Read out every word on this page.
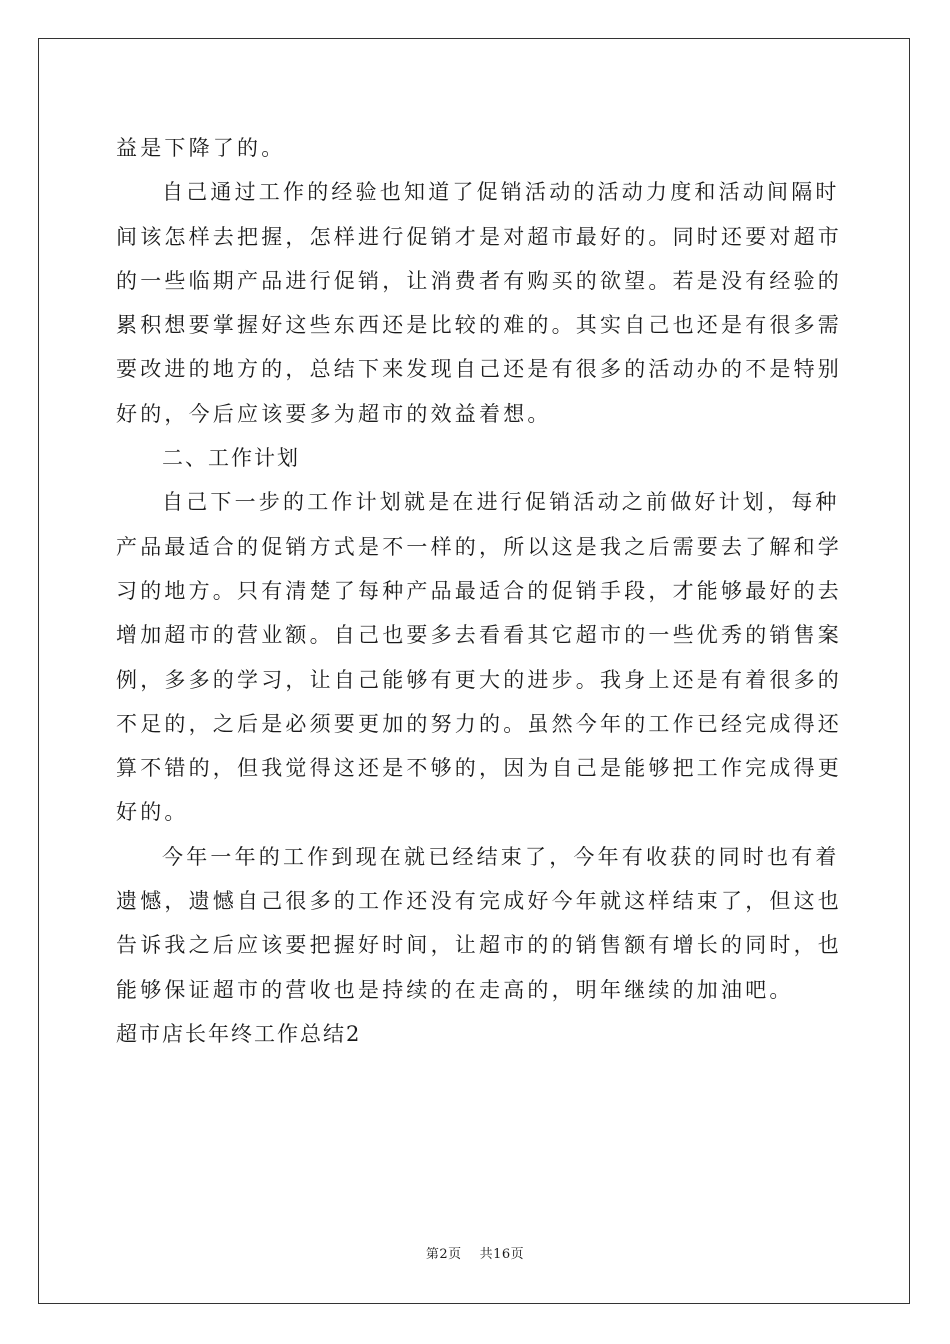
益是下降了的。
自己通过工作的经验也知道了促销活动的活动力度和活动间隔时
间该怎样去把握，怎样进行促销才是对超市最好的。同时还要对超市
的一些临期产品进行促销，让消费者有购买的欲望。若是没有经验的
累积想要掌握好这些东西还是比较的难的。其实自己也还是有很多需
要改进的地方的，总结下来发现自己还是有很多的活动办的不是特别
好的，今后应该要多为超市的效益着想。
二、工作计划
自己下一步的工作计划就是在进行促销活动之前做好计划，每种
产品最适合的促销方式是不一样的，所以这是我之后需要去了解和学
习的地方。只有清楚了每种产品最适合的促销手段，才能够最好的去
增加超市的营业额。自己也要多去看看其它超市的一些优秀的销售案
例，多多的学习，让自己能够有更大的进步。我身上还是有着很多的
不足的，之后是必须要更加的努力的。虽然今年的工作已经完成得还
算不错的，但我觉得这还是不够的，因为自己是能够把工作完成得更
好的。
今年一年的工作到现在就已经结束了，今年有收获的同时也有着
遗憾，遗憾自己很多的工作还没有完成好今年就这样结束了，但这也
告诉我之后应该要把握好时间，让超市的的销售额有增长的同时，也
能够保证超市的营收也是持续的在走高的，明年继续的加油吧。
超市店长年终工作总结2
第2页 共16页
